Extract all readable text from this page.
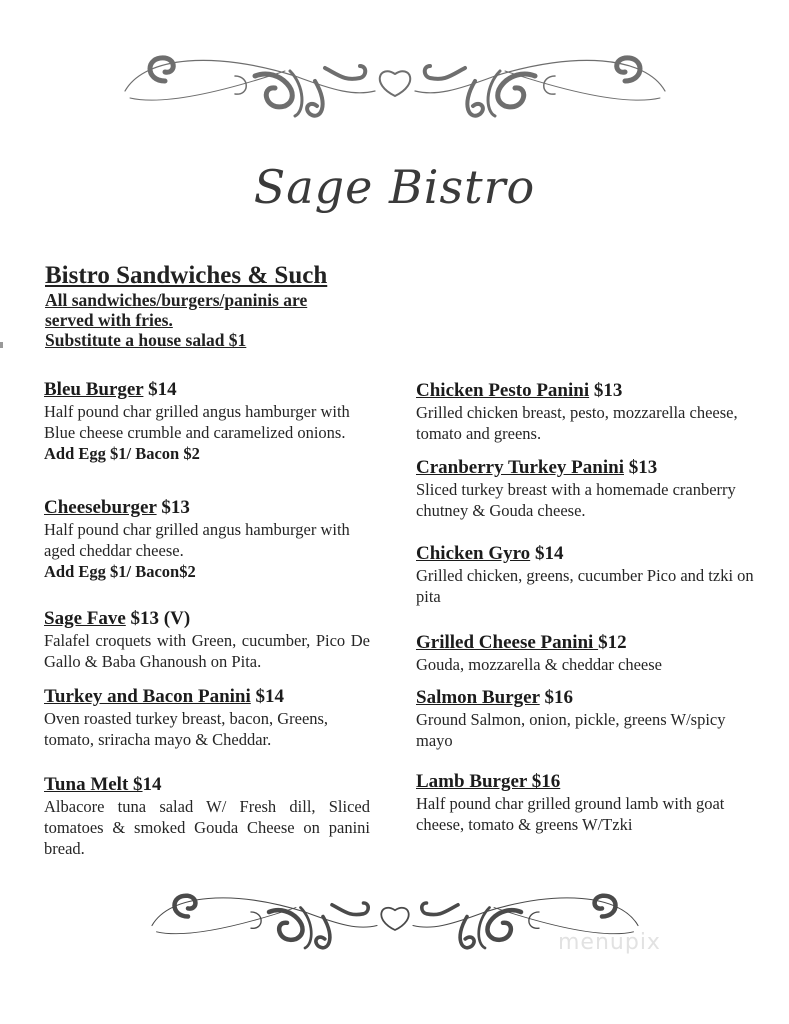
Sage Bistro
Bistro Sandwiches & Such
All sandwiches/burgers/paninis are
served with fries.
Substitute a house salad $1
Bleu Burger $14
Half pound char grilled angus hamburger with Blue cheese crumble and caramelized onions.
Add Egg $1/ Bacon $2
Cheeseburger $13
Half pound char grilled angus hamburger with aged cheddar cheese.
Add Egg $1/ Bacon$2
Sage Fave $13 (V)
Falafel croquets with Green, cucumber, Pico De Gallo & Baba Ghanoush on Pita.
Turkey and Bacon Panini $14
Oven roasted turkey breast, bacon, Greens, tomato, sriracha mayo & Cheddar.
Tuna Melt $14
Albacore tuna salad W/ Fresh dill, Sliced tomatoes & smoked Gouda Cheese on panini bread.
Chicken Pesto Panini $13
Grilled chicken breast, pesto, mozzarella cheese, tomato and greens.
Cranberry Turkey Panini $13
Sliced turkey breast with a homemade cranberry chutney & Gouda cheese.
Chicken Gyro $14
Grilled chicken, greens, cucumber Pico and tzki on pita
Grilled Cheese Panini $12
Gouda, mozzarella & cheddar cheese
Salmon Burger $16
Ground Salmon, onion, pickle, greens W/spicy mayo
Lamb Burger $16
Half pound char grilled ground lamb with goat cheese, tomato & greens W/Tzki
menupix
